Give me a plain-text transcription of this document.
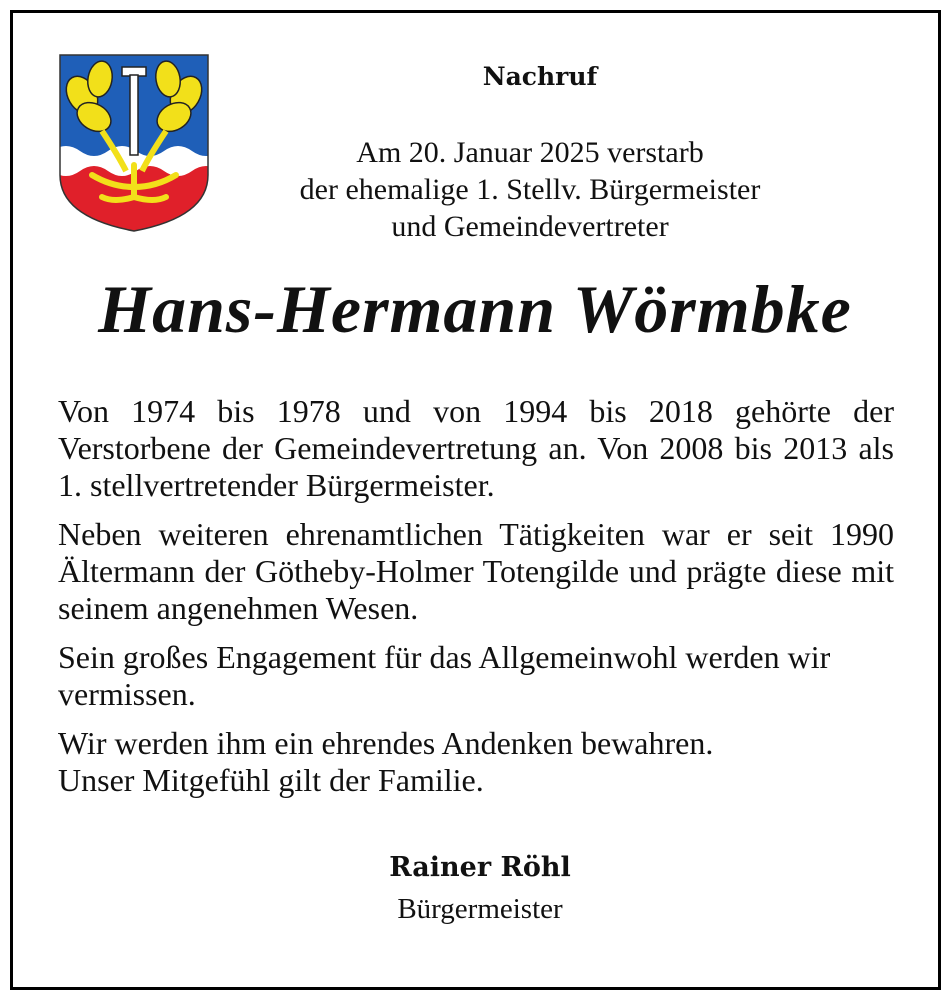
Nachruf
Am 20. Januar 2025 verstarb
der ehemalige 1. Stellv. Bürgermeister
und Gemeindevertreter
Hans-Hermann Wörmbke

Von 1974 bis 1978 und von 1994 bis 2018 gehörte der Verstorbene der Gemeindevertretung an. Von 2008 bis 2013 als 1. stellvertretender Bürgermeister.

Neben weiteren ehrenamtlichen Tätigkeiten war er seit 1990 Ältermann der Götheby-Holmer Totengilde und prägte diese mit seinem angenehmen Wesen.

Sein großes Engagement für das Allgemeinwohl werden wir vermissen.

Wir werden ihm ein ehrendes Andenken bewahren.
Unser Mitgefühl gilt der Familie.
Rainer Röhl
Bürgermeister
